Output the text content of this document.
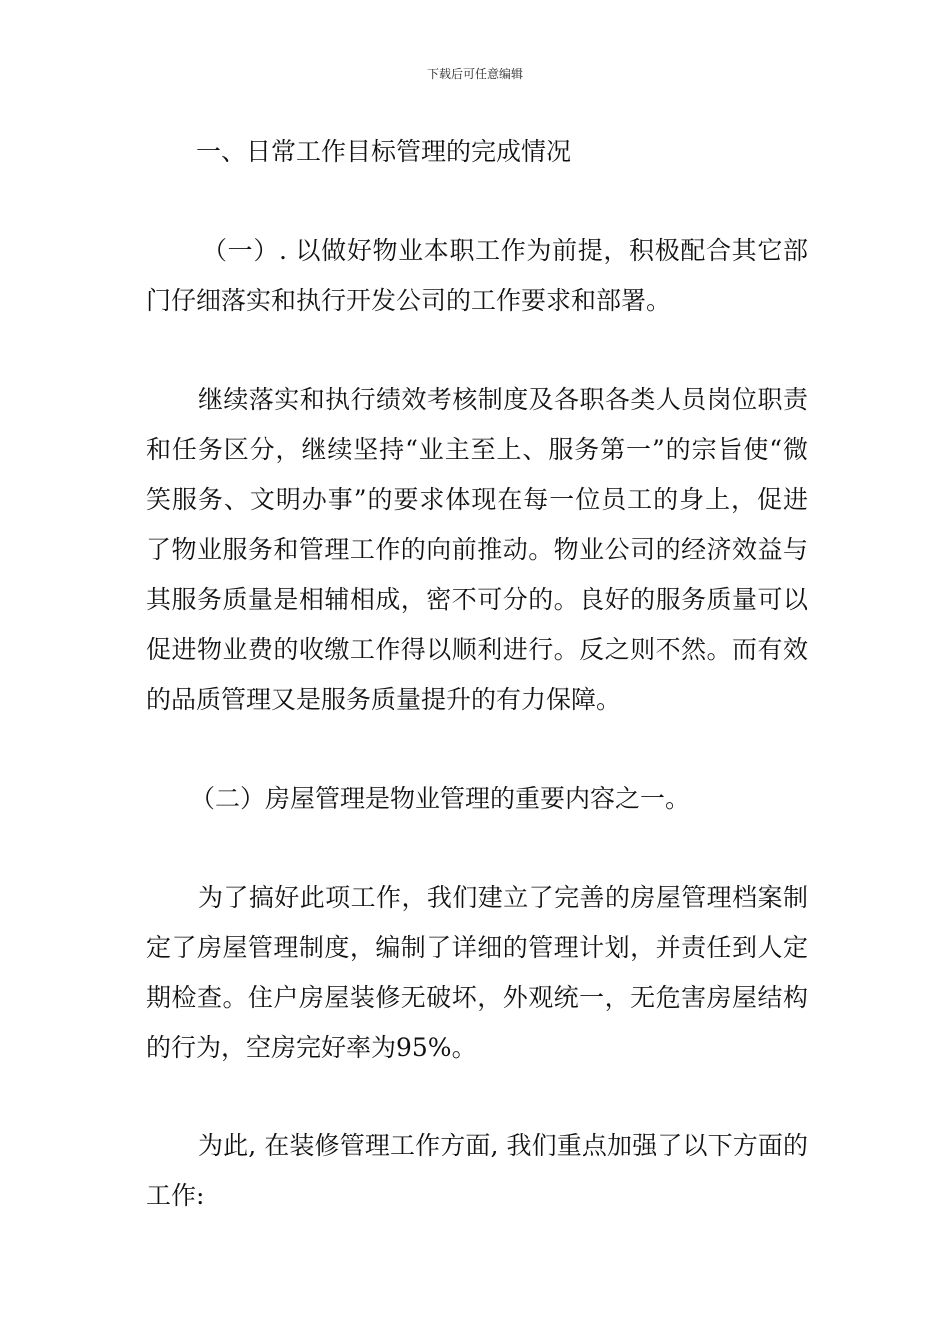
下载后可任意编辑

一、日常工作目标管理的完成情况

（一）. 以做好物业本职工作为前提，积极配合其它部门仔细落实和执行开发公司的工作要求和部署。

继续落实和执行绩效考核制度及各职各类人员岗位职责和任务区分，继续坚持“业主至上、服务第一”的宗旨使“微笑服务、文明办事”的要求体现在每一位员工的身上，促进了物业服务和管理工作的向前推动。物业公司的经济效益与其服务质量是相辅相成，密不可分的。良好的服务质量可以促进物业费的收缴工作得以顺利进行。反之则不然。而有效的品质管理又是服务质量提升的有力保障。

（二）房屋管理是物业管理的重要内容之一。

为了搞好此项工作，我们建立了完善的房屋管理档案制定了房屋管理制度，编制了详细的管理计划，并责任到人定期检查。住户房屋装修无破坏，外观统一，无危害房屋结构的行为，空房完好率为95%。

为此, 在装修管理工作方面, 我们重点加强了以下方面的工作:
